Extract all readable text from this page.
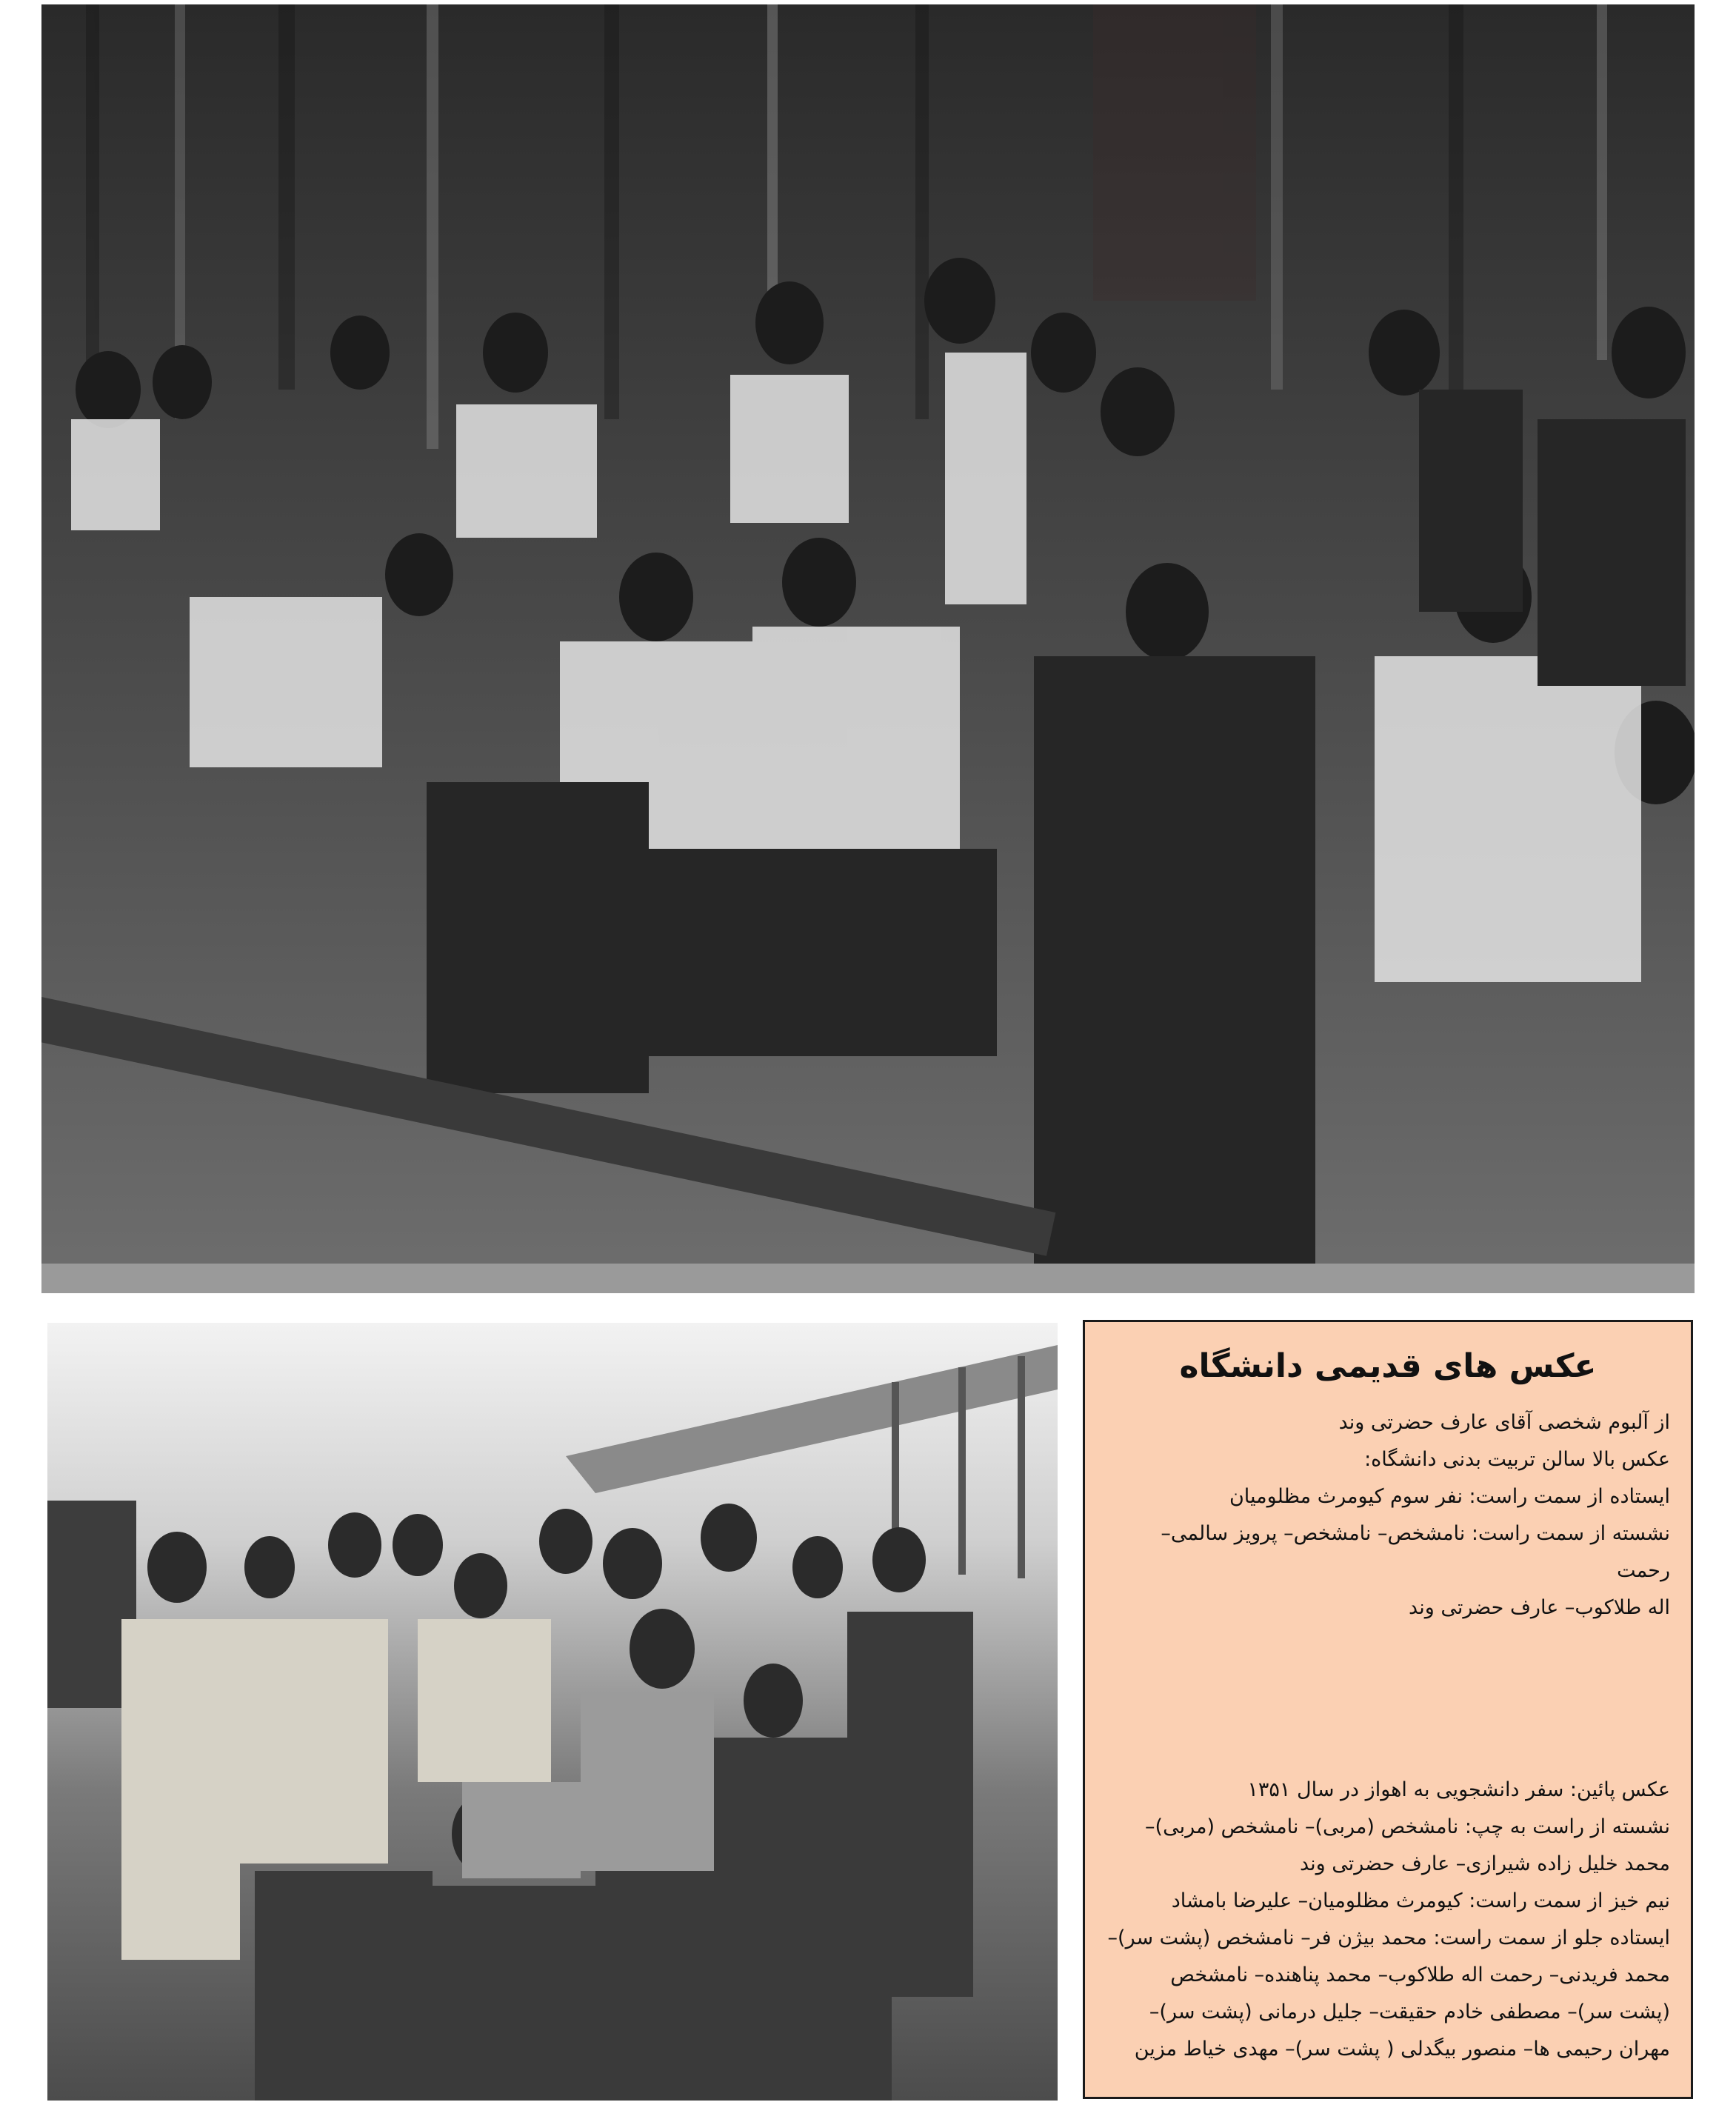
عکس های قدیمی دانشگاه

از آلبوم شخصی آقای عارف حضرتی وند

عکس بالا سالن تربیت بدنی دانشگاه:

ایستاده از سمت راست: نفر سوم کیومرث مظلومیان

نشسته از سمت راست: نامشخص– نامشخص– پرویز سالمی– رحمت

اله طلاکوب– عارف حضرتی وند

عکس پائین: سفر دانشجویی به اهواز در سال ۱۳۵۱

نشسته از راست به چپ: نامشخص (مربی)– نامشخص (مربی)–

محمد خلیل زاده شیرازی– عارف حضرتی وند

نیم خیز از سمت راست: کیومرث مظلومیان– علیرضا بامشاد

ایستاده جلو از سمت راست: محمد بیژن فر– نامشخص (پشت سر)–

محمد فریدنی– رحمت اله طلاکوب– محمد پناهنده– نامشخص

(پشت سر)– مصطفی خادم حقیقت– جلیل درمانی (پشت سر)–

مهران رحیمی ها– منصور بیگدلی ( پشت سر)– مهدی خیاط مزین
